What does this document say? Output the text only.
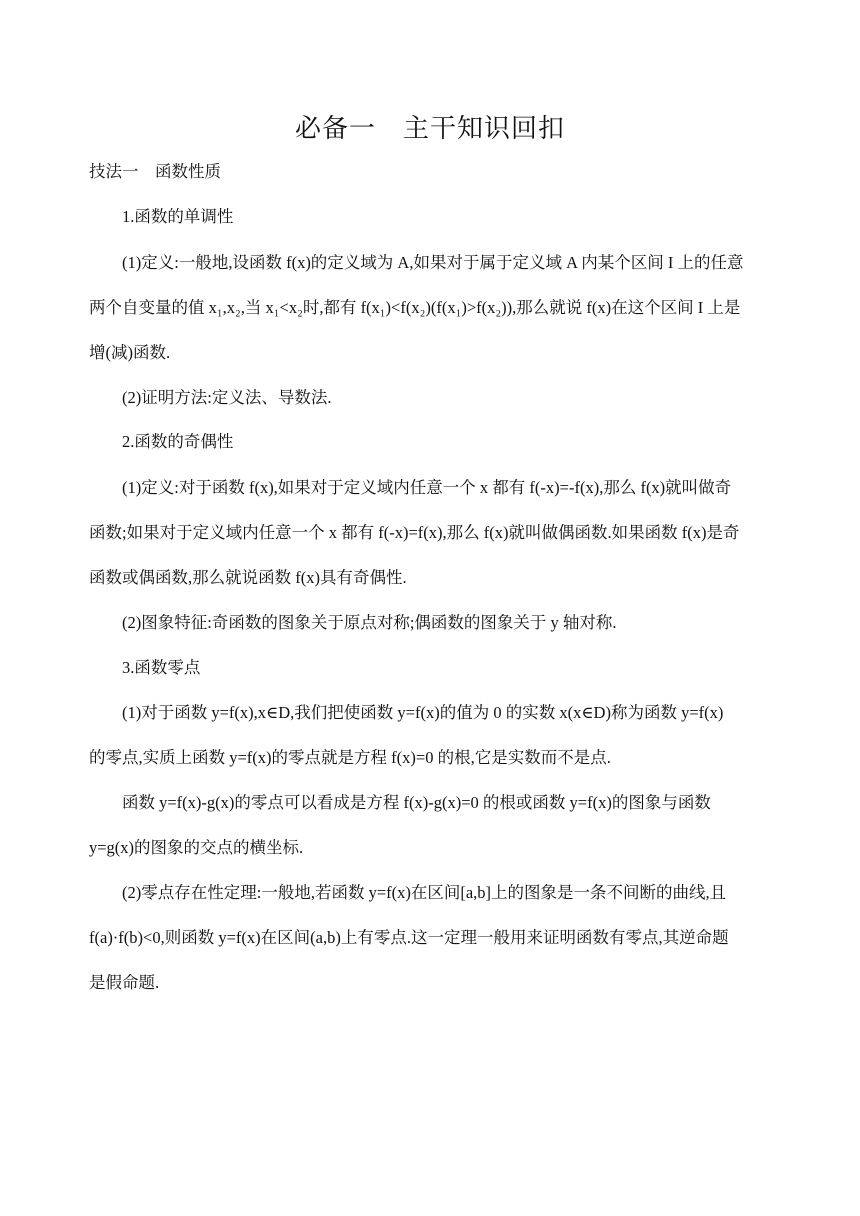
必备一　主干知识回扣
技法一　函数性质
1.函数的单调性
(1)定义:一般地,设函数 f(x)的定义域为 A,如果对于属于定义域 A 内某个区间 I 上的任意
两个自变量的值 x₁,x₂,当 x₁<x₂时,都有 f(x₁)<f(x₂)(f(x₁)>f(x₂)),那么就说 f(x)在这个区间 I 上是
增(减)函数.
(2)证明方法:定义法、导数法.
2.函数的奇偶性
(1)定义:对于函数 f(x),如果对于定义域内任意一个 x 都有 f(-x)=-f(x),那么 f(x)就叫做奇
函数;如果对于定义域内任意一个 x 都有 f(-x)=f(x),那么 f(x)就叫做偶函数.如果函数 f(x)是奇
函数或偶函数,那么就说函数 f(x)具有奇偶性.
(2)图象特征:奇函数的图象关于原点对称;偶函数的图象关于 y 轴对称.
3.函数零点
(1)对于函数 y=f(x),x∈D,我们把使函数 y=f(x)的值为 0 的实数 x(x∈D)称为函数 y=f(x)
的零点,实质上函数 y=f(x)的零点就是方程 f(x)=0 的根,它是实数而不是点.
函数 y=f(x)-g(x)的零点可以看成是方程 f(x)-g(x)=0 的根或函数 y=f(x)的图象与函数
y=g(x)的图象的交点的横坐标.
(2)零点存在性定理:一般地,若函数 y=f(x)在区间[a,b]上的图象是一条不间断的曲线,且
f(a)·f(b)<0,则函数 y=f(x)在区间(a,b)上有零点.这一定理一般用来证明函数有零点,其逆命题
是假命题.
